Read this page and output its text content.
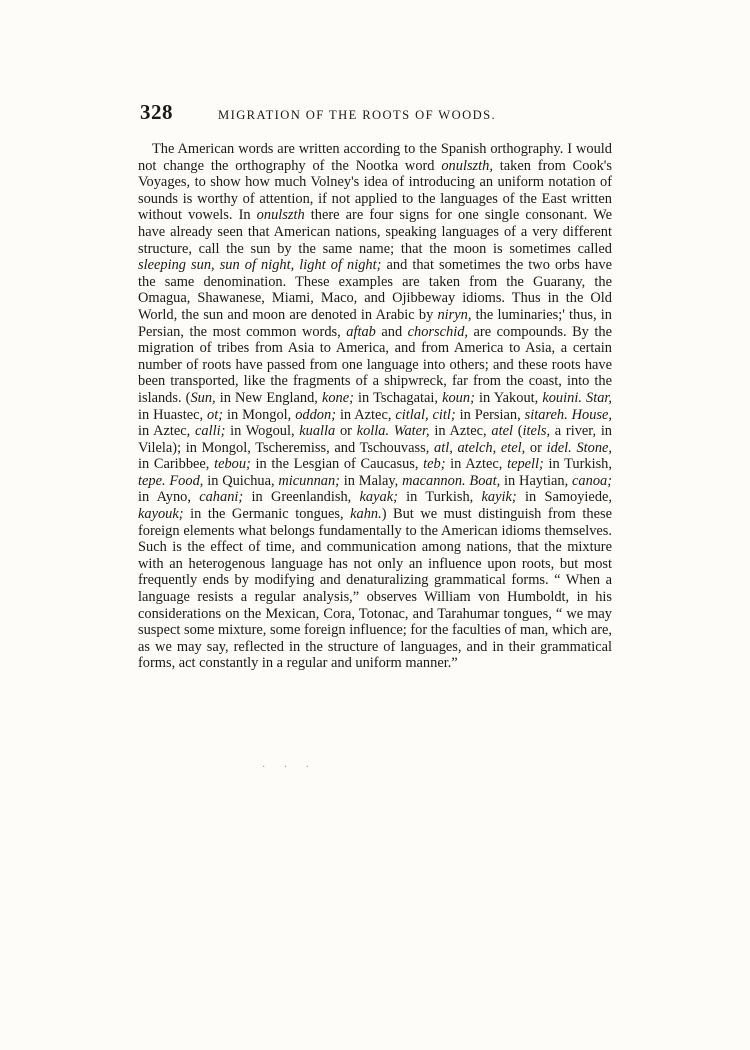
328	MIGRATION OF THE ROOTS OF WOODS.

The American words are written according to the Spanish orthography. I would not change the orthography of the Nootka word onulszth, taken from Cook's Voyages, to show how much Volney's idea of introducing an uniform notation of sounds is worthy of attention, if not applied to the languages of the East written without vowels. In onulszth there are four signs for one single consonant. We have already seen that American nations, speaking languages of a very different structure, call the sun by the same name; that the moon is sometimes called sleeping sun, sun of night, light of night; and that sometimes the two orbs have the same denomination. These examples are taken from the Guarany, the Omagua, Shawanese, Miami, Maco, and Ojibbeway idioms. Thus in the Old World, the sun and moon are denoted in Arabic by niryn, the luminaries;' thus, in Persian, the most common words, aftab and chorschid, are compounds. By the migration of tribes from Asia to America, and from America to Asia, a certain number of roots have passed from one language into others; and these roots have been transported, like the fragments of a shipwreck, far from the coast, into the islands. (Sun, in New England, kone; in Tschagatai, koun; in Yakout, kouini. Star, in Huastec, ot; in Mongol, oddon; in Aztec, citlal, citl; in Persian, sitareh. House, in Aztec, calli; in Wogoul, kualla or kolla. Water, in Aztec, atel (itels, a river, in Vilela); in Mongol, Tscheremiss, and Tschouvass, atl, atelch, etel, or idel. Stone, in Caribbee, tebou; in the Lesgian of Caucasus, teb; in Aztec, tepell; in Turkish, tepe. Food, in Quichua, micunnan; in Malay, macannon. Boat, in Haytian, canoa; in Ayno, cahani; in Greenlandish, kayak; in Turkish, kayik; in Samoyiede, kayouk; in the Germanic tongues, kahn.) But we must distinguish from these foreign elements what belongs fundamentally to the American idioms themselves. Such is the effect of time, and communication among nations, that the mixture with an heterogenous language has not only an influence upon roots, but most frequently ends by modifying and denaturalizing grammatical forms. “ When a language resists a regular analysis,” observes William von Humboldt, in his considerations on the Mexican, Cora, Totonac, and Tarahumar tongues, “ we may suspect some mixture, some foreign influence; for the faculties of man, which are, as we may say, reflected in the structure of languages, and in their grammatical forms, act constantly in a regular and uniform manner.”

· · ·
